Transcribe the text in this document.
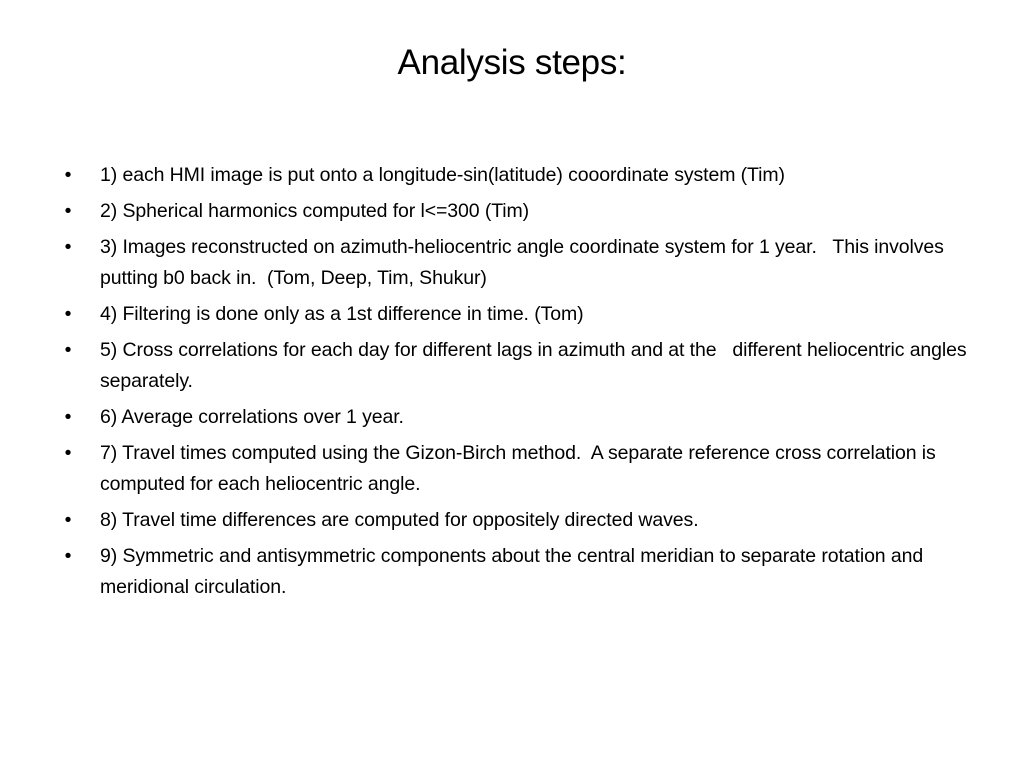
Analysis steps:
•	1) each HMI image is put onto a longitude-sin(latitude) cooordinate system (Tim)
•	2) Spherical harmonics computed for l<=300 (Tim)
•	3) Images reconstructed on azimuth-heliocentric angle coordinate system for 1 year.   This involves putting b0 back in.  (Tom, Deep, Tim, Shukur)
•	4) Filtering is done only as a 1st difference in time. (Tom)
•	5) Cross correlations for each day for different lags in azimuth and at the   different heliocentric angles separately.
•	6) Average correlations over 1 year.
•	7) Travel times computed using the Gizon-Birch method.  A separate reference cross correlation is computed for each heliocentric angle.
•	8) Travel time differences are computed for oppositely directed waves.
•	9) Symmetric and antisymmetric components about the central meridian to separate rotation and meridional circulation.
